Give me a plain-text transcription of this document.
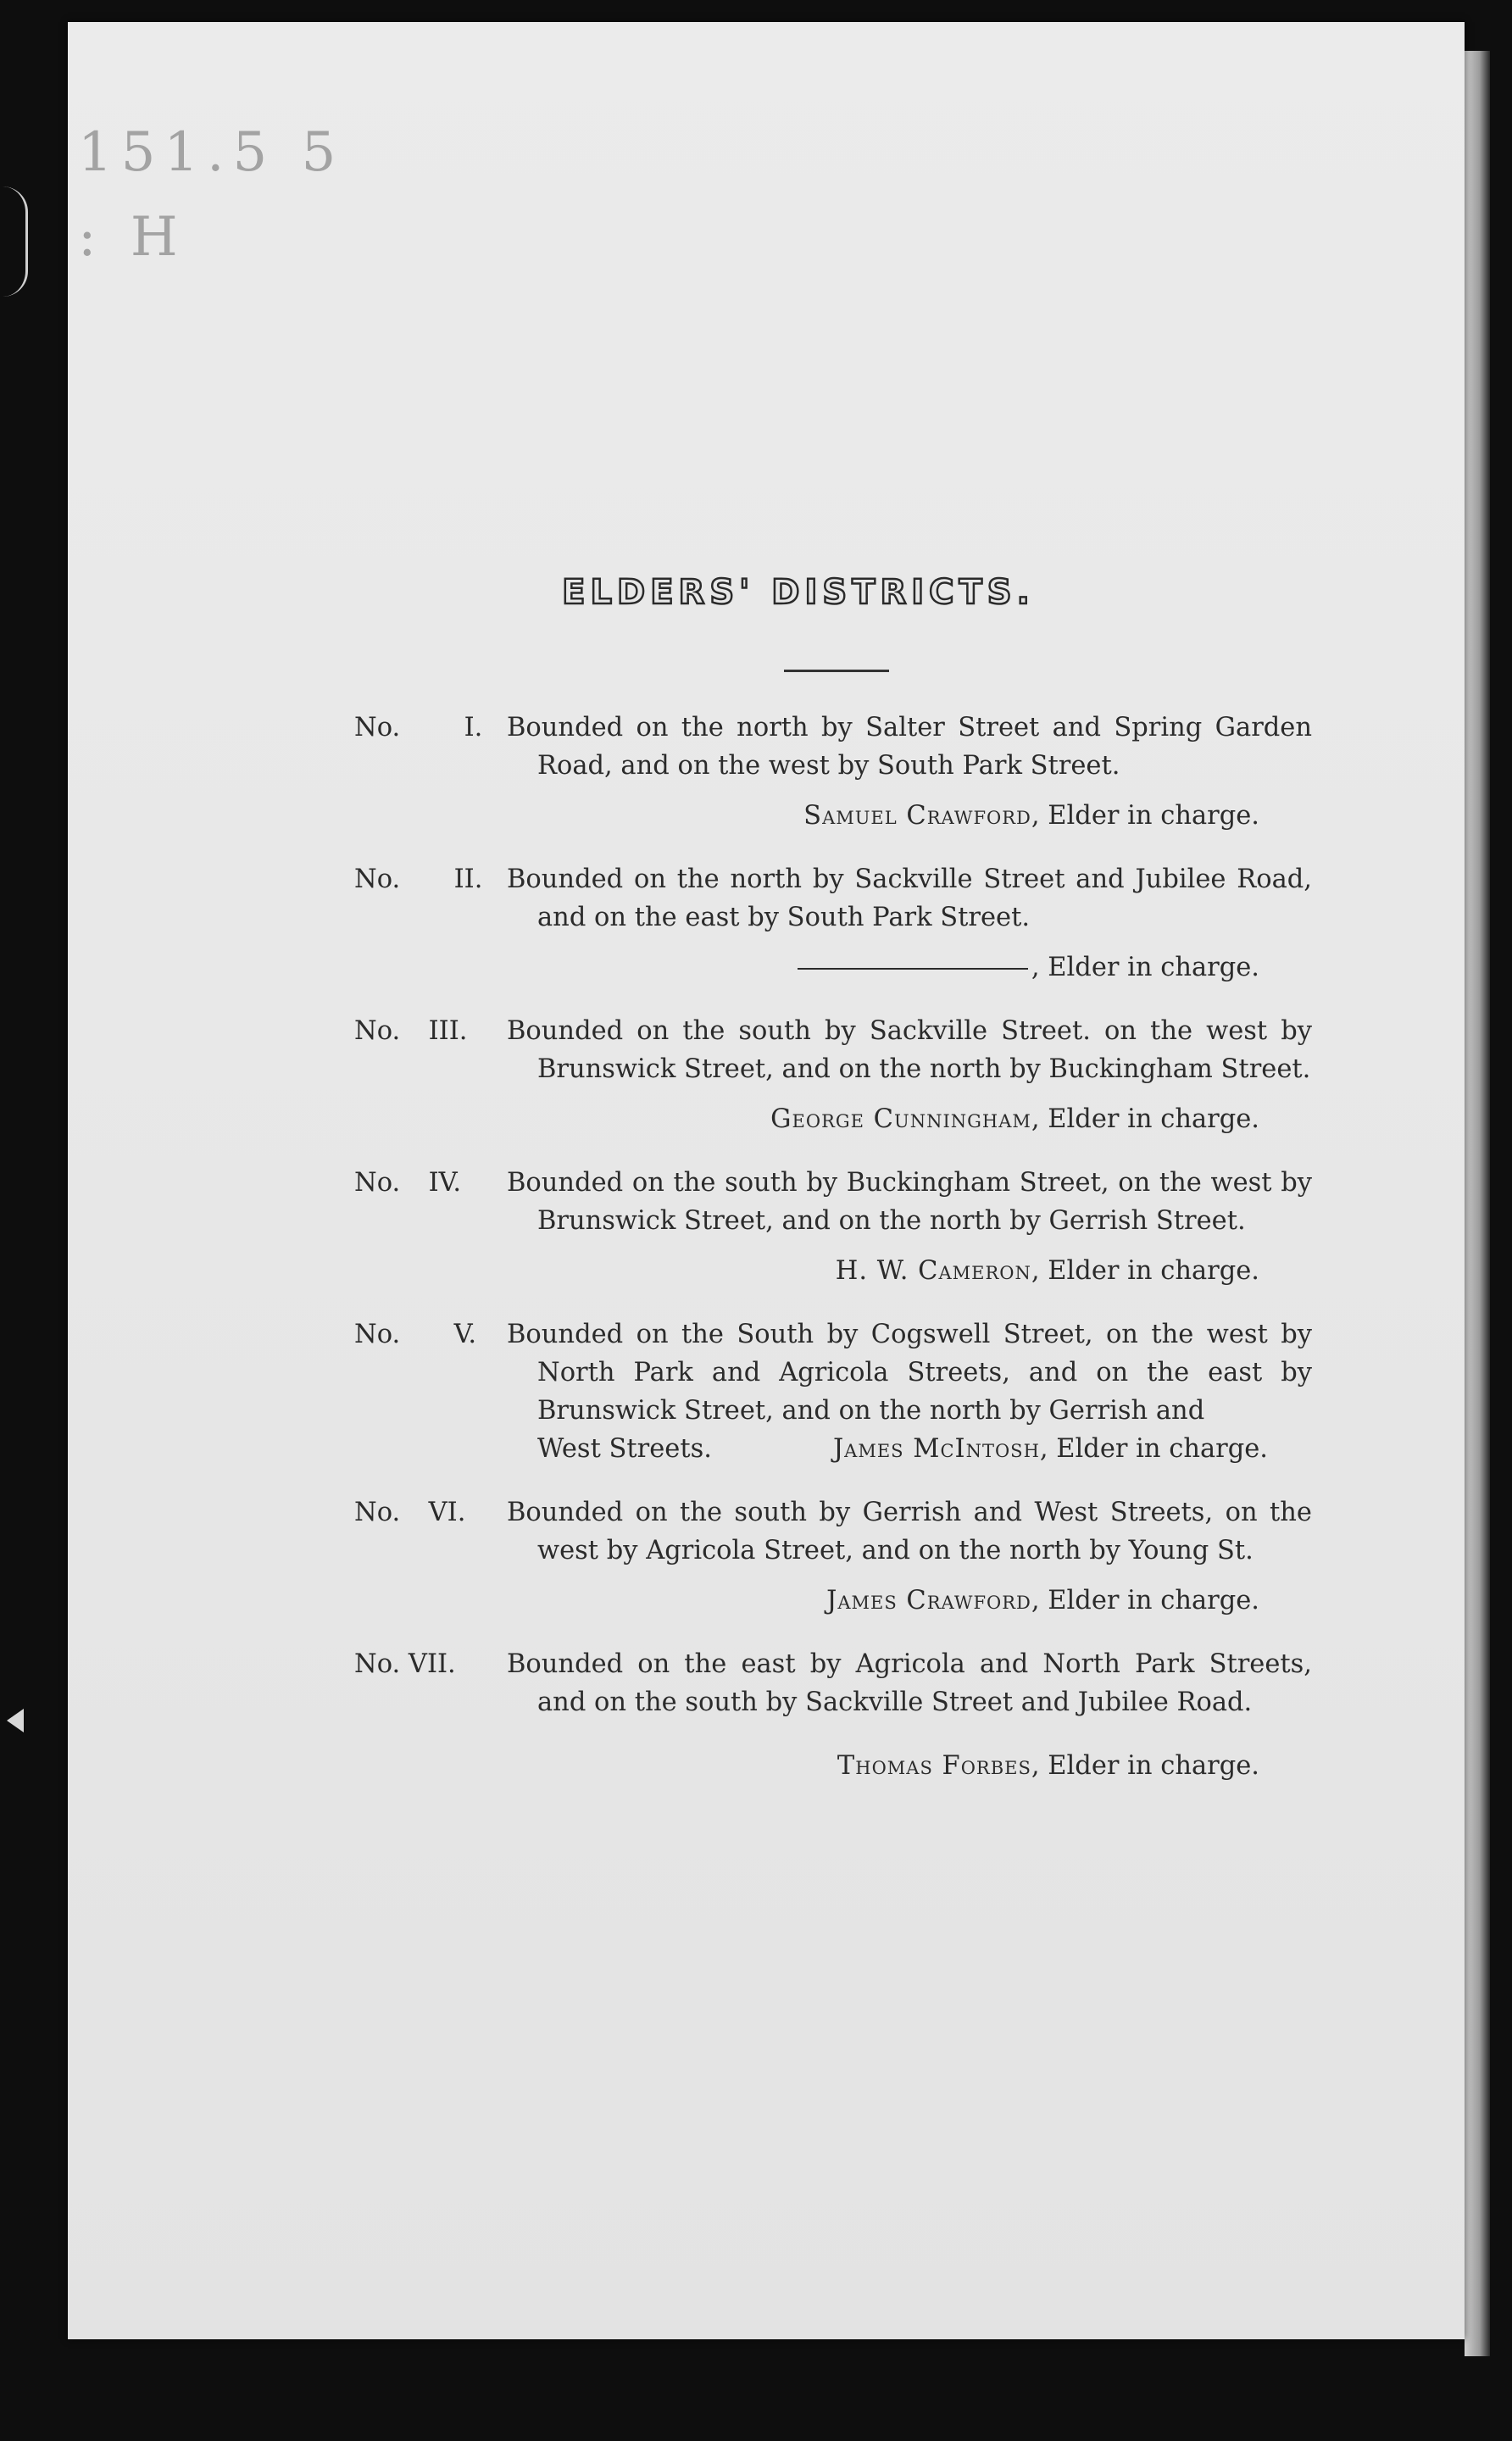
151.5 5 : H
ELDERS' DISTRICTS.
No. I. Bounded on the north by Salter Street and Spring Garden Road, and on the west by South Park Street.
Samuel Crawford, Elder in charge.
No. II. Bounded on the north by Sackville Street and Jubilee Road, and on the east by South Park Street.
, Elder in charge.
No. III.	Bounded on the south by Sackville Street. on the west by Brunswick Street, and on the north by Buckingham Street.
George Cunningham, Elder in charge.
No. IV.	Bounded on the south by Buckingham Street, on the west by Brunswick Street, and on the north by Gerrish Street.
H. W. Cameron, Elder in charge.
No. V.	Bounded on the South by Cogswell Street, on the west by North Park and Agricola Streets, and on the east by Brunswick Street, and on the north by Gerrish and
West Streets.	James McIntosh, Elder in charge.
No. VI.	Bounded on the south by Gerrish and West Streets, on the west by Agricola Street, and on the north by Young St.
James Crawford, Elder in charge.
No. VII.	Bounded on the east by Agricola and North Park Streets, and on the south by Sackville Street and Jubilee Road.
Thomas Forbes, Elder in charge.
